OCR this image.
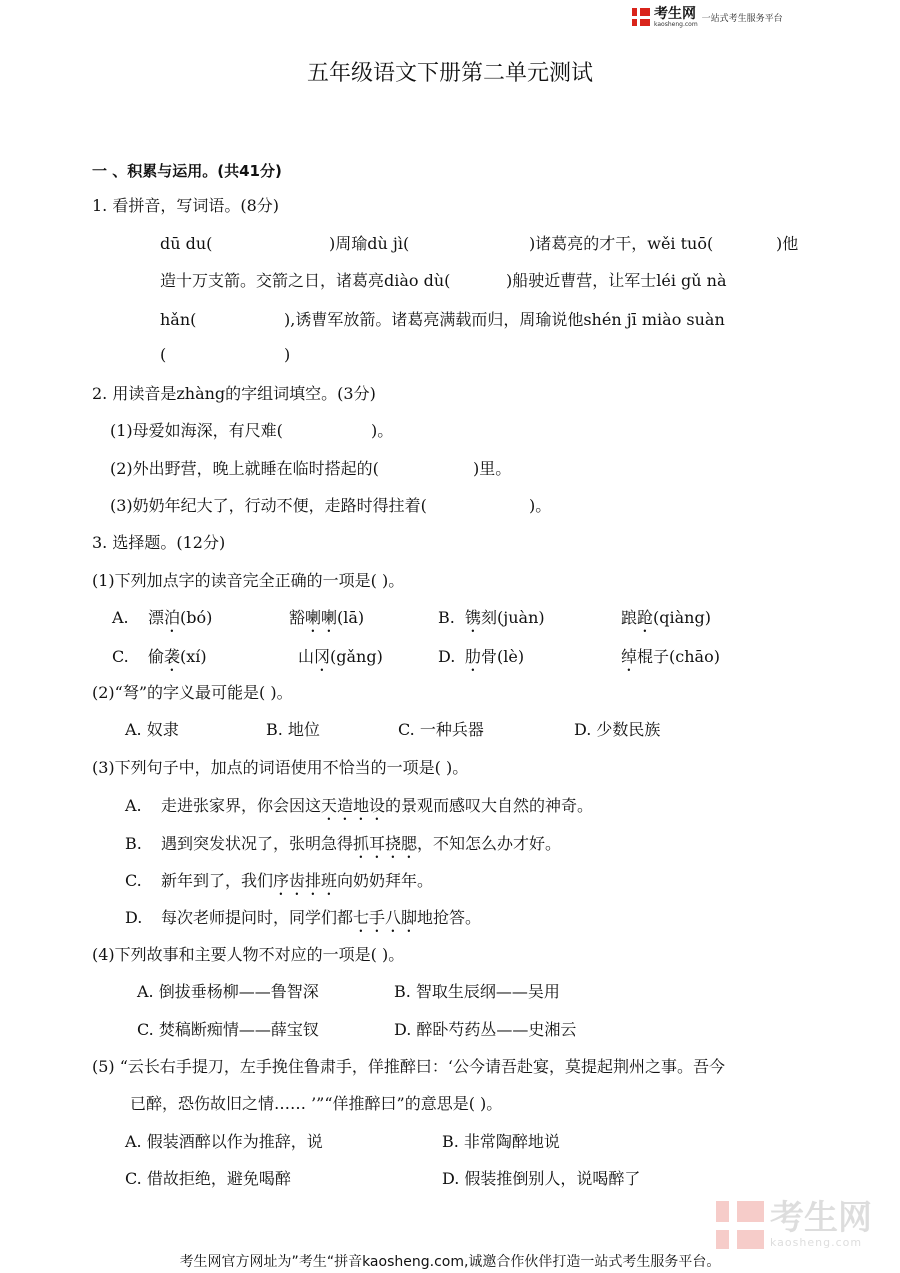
考生网
kaosheng.com
一站式考生服务平台
五年级语文下册第二单元测试
一 、积累与运用。(共41分)
1. 看拼音，写词语。(8分)
dū du(	)周瑜dù jì(	)诸葛亮的才干，wěi tuō(	)他
造十万支箭。交箭之日，诸葛亮diào dù(	)船驶近曹营，让军士léi gǔ nà
hǎn(	),诱曹军放箭。诸葛亮满载而归，周瑜说他shén jī miào suàn
(	)
2. 用读音是zhàng的字组词填空。(3分)
(1)母爱如海深，有尺难(	)。
(2)外出野营，晚上就睡在临时搭起的(	)里。
(3)奶奶年纪大了，行动不便，走路时得拄着(	)。
3. 选择题。(12分)
(1)下列加点字的读音完全正确的一项是( )。
A. 漂泊(bó)	豁喇喇(lā)	B. 镌刻(juàn)	踉跄(qiàng)
C. 偷袭(xí)	山冈(gǎng)	D. 肋骨(lè)	绰棍子(chāo)
(2)“弩”的字义最可能是( )。
A. 奴隶	B. 地位	C. 一种兵器	D. 少数民族
(3)下列句子中，加点的词语使用不恰当的一项是( )。
A. 走进张家界，你会因这天造地设的景观而感叹大自然的神奇。
B. 遇到突发状况了，张明急得抓耳挠腮，不知怎么办才好。
C. 新年到了，我们序齿排班向奶奶拜年。
D. 每次老师提问时，同学们都七手八脚地抢答。
(4)下列故事和主要人物不对应的一项是( )。
A. 倒拔垂杨柳——鲁智深	B. 智取生辰纲——吴用
C. 焚稿断痴情——薛宝钗	D. 醉卧芍药丛——史湘云
(5) “云长右手提刀，左手挽住鲁肃手，佯推醉曰：‘公今请吾赴宴，莫提起荆州之事。吾今
已醉，恐伤故旧之情…… ’”“佯推醉曰”的意思是( )。
A. 假装酒醉以作为推辞，说	B. 非常陶醉地说
C. 借故拒绝，避免喝醉	D. 假装推倒别人，说喝醉了
考生网
kaosheng.com
考生网官方网址为”考生“拼音kaosheng.com,诚邀合作伙伴打造一站式考生服务平台。
